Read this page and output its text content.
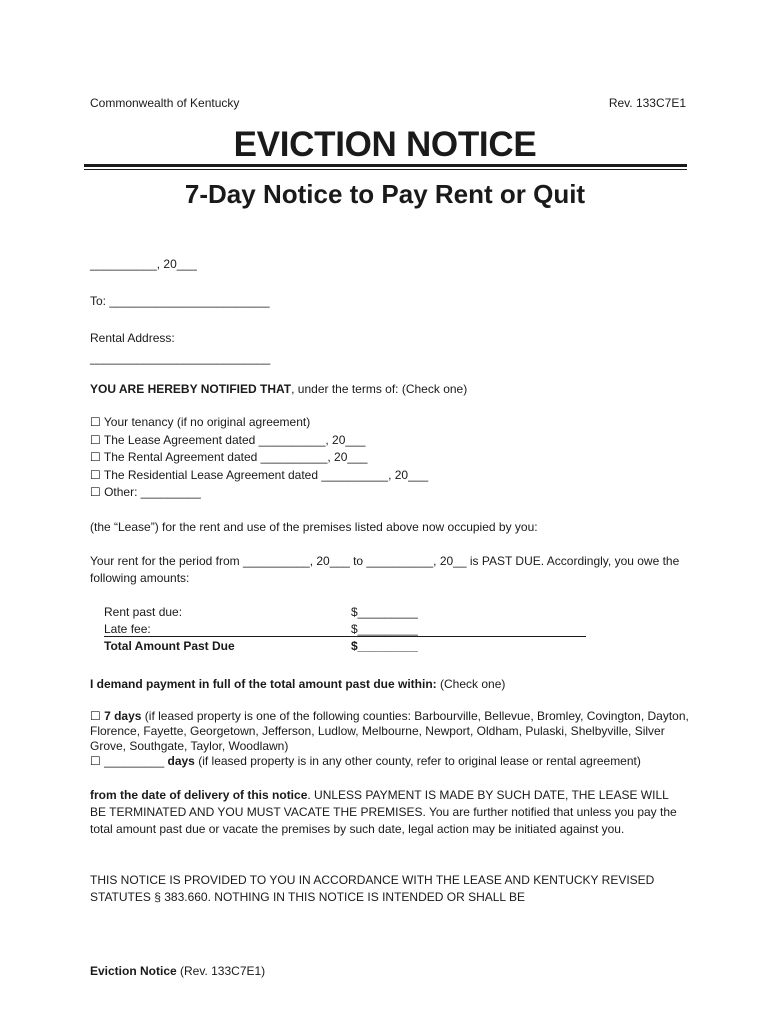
Commonwealth of Kentucky	Rev. 133C7E1
EVICTION NOTICE
7-Day Notice to Pay Rent or Quit
__________, 20___
To: ________________________
Rental Address:
___________________________
YOU ARE HEREBY NOTIFIED THAT, under the terms of: (Check one)
☐ Your tenancy (if no original agreement)
☐ The Lease Agreement dated __________, 20___
☐ The Rental Agreement dated __________, 20___
☐ The Residential Lease Agreement dated __________, 20___
☐ Other: _________
(the “Lease”) for the rent and use of the premises listed above now occupied by you:
Your rent for the period from __________, 20___ to __________, 20__ is PAST DUE. Accordingly, you owe the following amounts:
Rent past due:	$_________
Late fee:	$_________
Total Amount Past Due	$_________
I demand payment in full of the total amount past due within: (Check one)
☐ 7 days (if leased property is one of the following counties: Barbourville, Bellevue, Bromley, Covington, Dayton, Florence, Fayette, Georgetown, Jefferson, Ludlow, Melbourne, Newport, Oldham, Pulaski, Shelbyville, Silver Grove, Southgate, Taylor, Woodlawn)
☐ _________ days (if leased property is in any other county, refer to original lease or rental agreement)
from the date of delivery of this notice. UNLESS PAYMENT IS MADE BY SUCH DATE, THE LEASE WILL BE TERMINATED AND YOU MUST VACATE THE PREMISES. You are further notified that unless you pay the total amount past due or vacate the premises by such date, legal action may be initiated against you.
THIS NOTICE IS PROVIDED TO YOU IN ACCORDANCE WITH THE LEASE AND KENTUCKY REVISED STATUTES § 383.660. NOTHING IN THIS NOTICE IS INTENDED OR SHALL BE
Eviction Notice (Rev. 133C7E1)
